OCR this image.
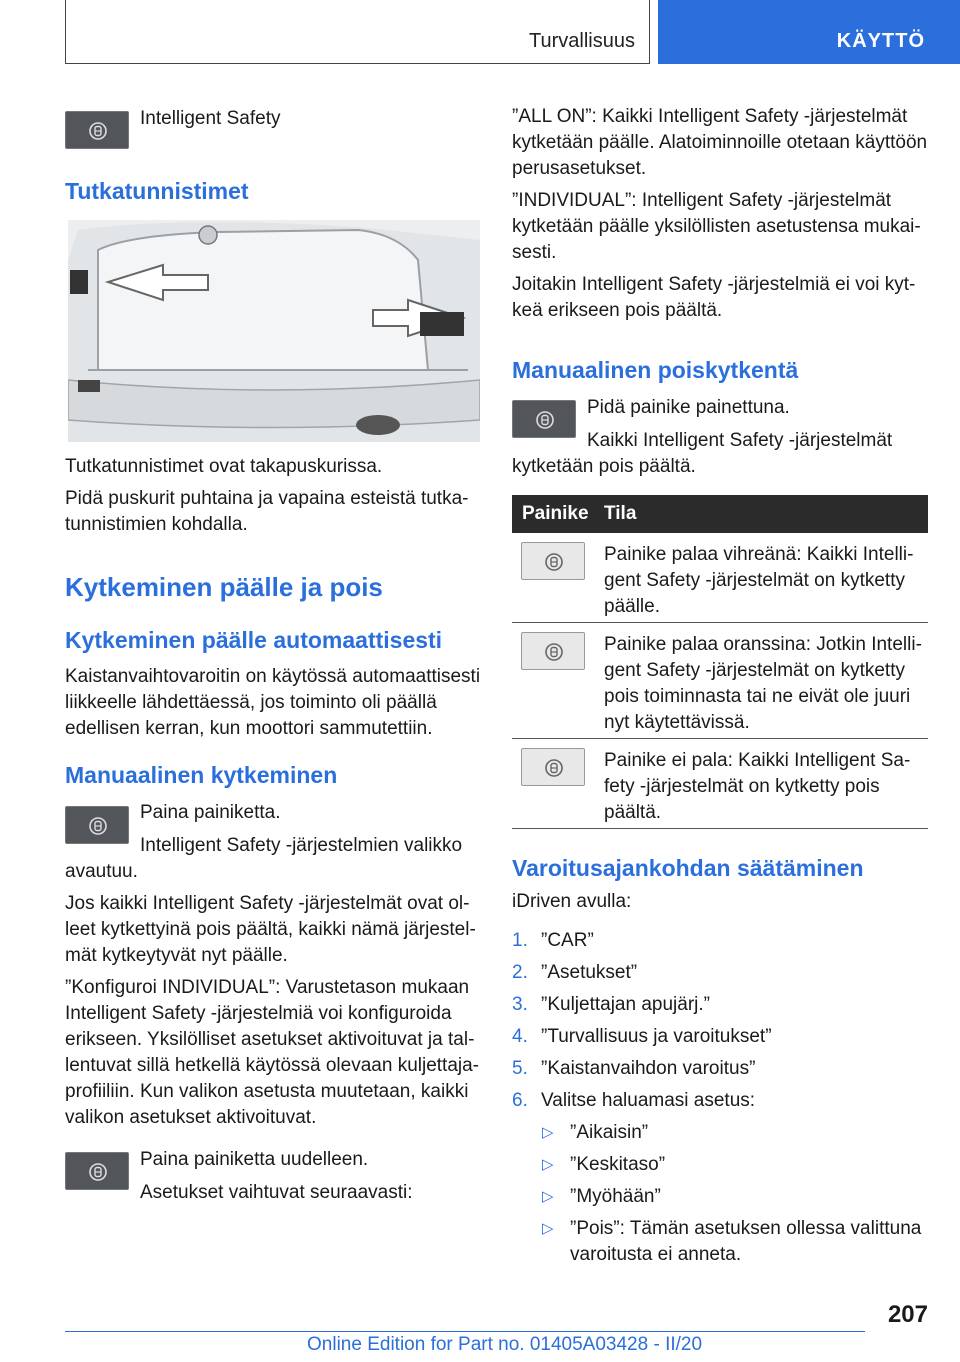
Turvallisuus	KÄYTTÖ

Intelligent Safety

Tutkatunnistimet

Tutkatunnistimet ovat takapuskurissa.

Pidä puskurit puhtaina ja vapaina esteistä tutka-

tunnistimien kohdalla.

Kytkeminen päälle ja pois
Kytkeminen päälle automaattisesti

Kaistanvaihtovaroitin on käytössä automaattisesti

liikkeelle lähdettäessä, jos toiminto oli päällä

edellisen kerran, kun moottori sammutettiin.

Manuaalinen kytkeminen

Paina painiketta.

Intelligent Safety -järjestelmien valikko

avautuu.

Jos kaikki Intelligent Safety -järjestelmät ovat ol-

leet kytkettyinä pois päältä, kaikki nämä järjestel-

mät kytkeytyvät nyt päälle.

”Konfiguroi INDIVIDUAL”: Varustetason mukaan

Intelligent Safety -järjestelmiä voi konfiguroida

erikseen. Yksilölliset asetukset aktivoituvat ja tal-

lentuvat sillä hetkellä käytössä olevaan kuljettaja-

profiiliin. Kun valikon asetusta muutetaan, kaikki

valikon asetukset aktivoituvat.

Paina painiketta uudelleen.

Asetukset vaihtuvat seuraavasti:

”ALL ON”: Kaikki Intelligent Safety -järjestelmät

kytketään päälle. Alatoiminnoille otetaan käyttöön

perusasetukset.

”INDIVIDUAL”: Intelligent Safety -järjestelmät

kytketään päälle yksilöllisten asetustensa mukai-

sesti.

Joitakin Intelligent Safety -järjestelmiä ei voi kyt-

keä erikseen pois päältä.

Manuaalinen poiskytkentä

Pidä painike painettuna.

Kaikki Intelligent Safety -järjestelmät

kytketään pois päältä.

Painike Tila

Painike palaa vihreänä: Kaikki Intelli-

gent Safety -järjestelmät on kytketty

päälle.

Painike palaa oranssina: Jotkin Intelli-

gent Safety -järjestelmät on kytketty

pois toiminnasta tai ne eivät ole juuri

nyt käytettävissä.

Painike ei pala: Kaikki Intelligent Sa-

fety -järjestelmät on kytketty pois

päältä.

Varoitusajankohdan säätäminen

iDriven avulla:

1. ”CAR”
2. ”Asetukset”
3. ”Kuljettajan apujärj.”
4. ”Turvallisuus ja varoitukset”
5. ”Kaistanvaihdon varoitus”
6. Valitse haluamasi asetus:
▷ ”Aikaisin”
▷ ”Keskitaso”
▷ ”Myöhään”
▷ ”Pois”: Tämän asetuksen ollessa valittuna
varoitusta ei anneta.
207
Online Edition for Part no. 01405A03428 - II/20
